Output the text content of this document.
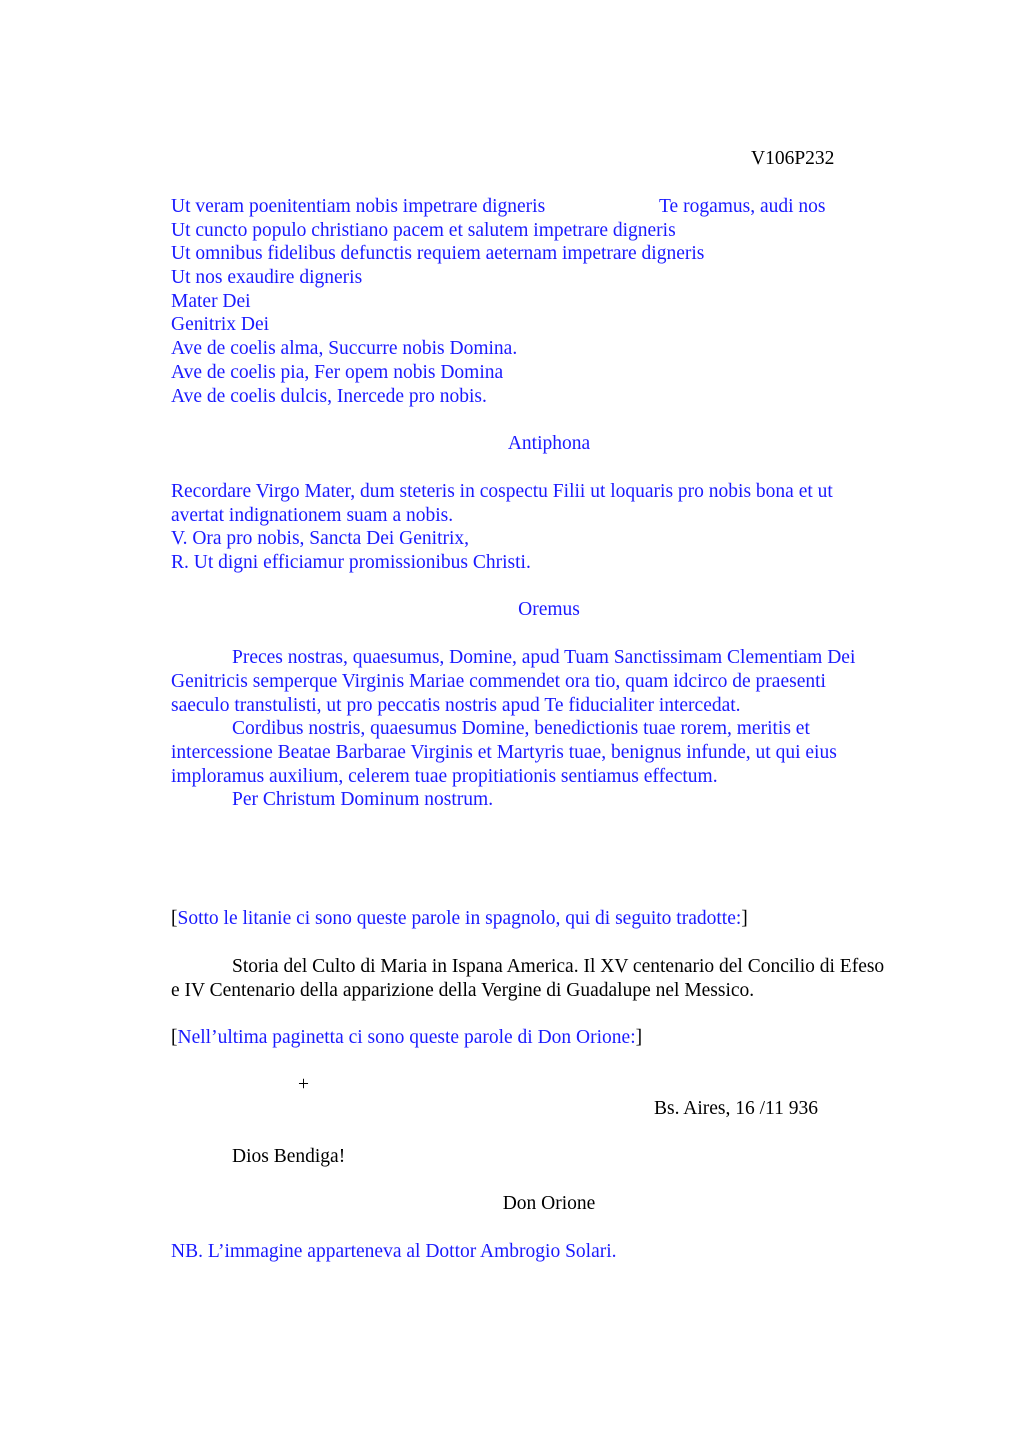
V106P232
Ut veram poenitentiam nobis impetrare digneris	Te rogamus, audi nos
Ut cuncto populo christiano pacem et salutem impetrare digneris
Ut omnibus fidelibus defunctis requiem aeternam impetrare digneris
Ut nos exaudire digneris
Mater Dei
Genitrix Dei
Ave de coelis alma, Succurre nobis Domina.
Ave de coelis pia, Fer opem nobis Domina
Ave de coelis dulcis, Inercede pro nobis.
Antiphona
Recordare Virgo Mater, dum steteris in cospectu Filii ut loquaris pro nobis bona et ut
avertat indignationem suam a nobis.
V. Ora pro nobis, Sancta Dei Genitrix,
R. Ut digni efficiamur promissionibus Christi.
Oremus
Preces nostras, quaesumus, Domine, apud Tuam Sanctissimam Clementiam Dei
Genitricis semperque Virginis Mariae commendet ora tio, quam idcirco de praesenti
saeculo transtulisti, ut pro peccatis nostris apud Te fiducialiter intercedat.
Cordibus nostris, quaesumus Domine, benedictionis tuae rorem, meritis et
intercessione Beatae Barbarae Virginis et Martyris tuae, benignus infunde, ut qui eius
imploramus auxilium, celerem tuae propitiationis sentiamus effectum.
Per Christum Dominum nostrum.
[Sotto le litanie ci sono queste parole in spagnolo, qui di seguito tradotte:]
Storia del Culto di Maria in Ispana America. Il XV centenario del Concilio di Efeso
e IV Centenario della apparizione della Vergine di Guadalupe nel Messico.
[Nell’ultima paginetta ci sono queste parole di Don Orione:]
+
Bs. Aires, 16 /11 936
Dios Bendiga!
Don Orione
NB. L’immagine apparteneva al Dottor Ambrogio Solari.
